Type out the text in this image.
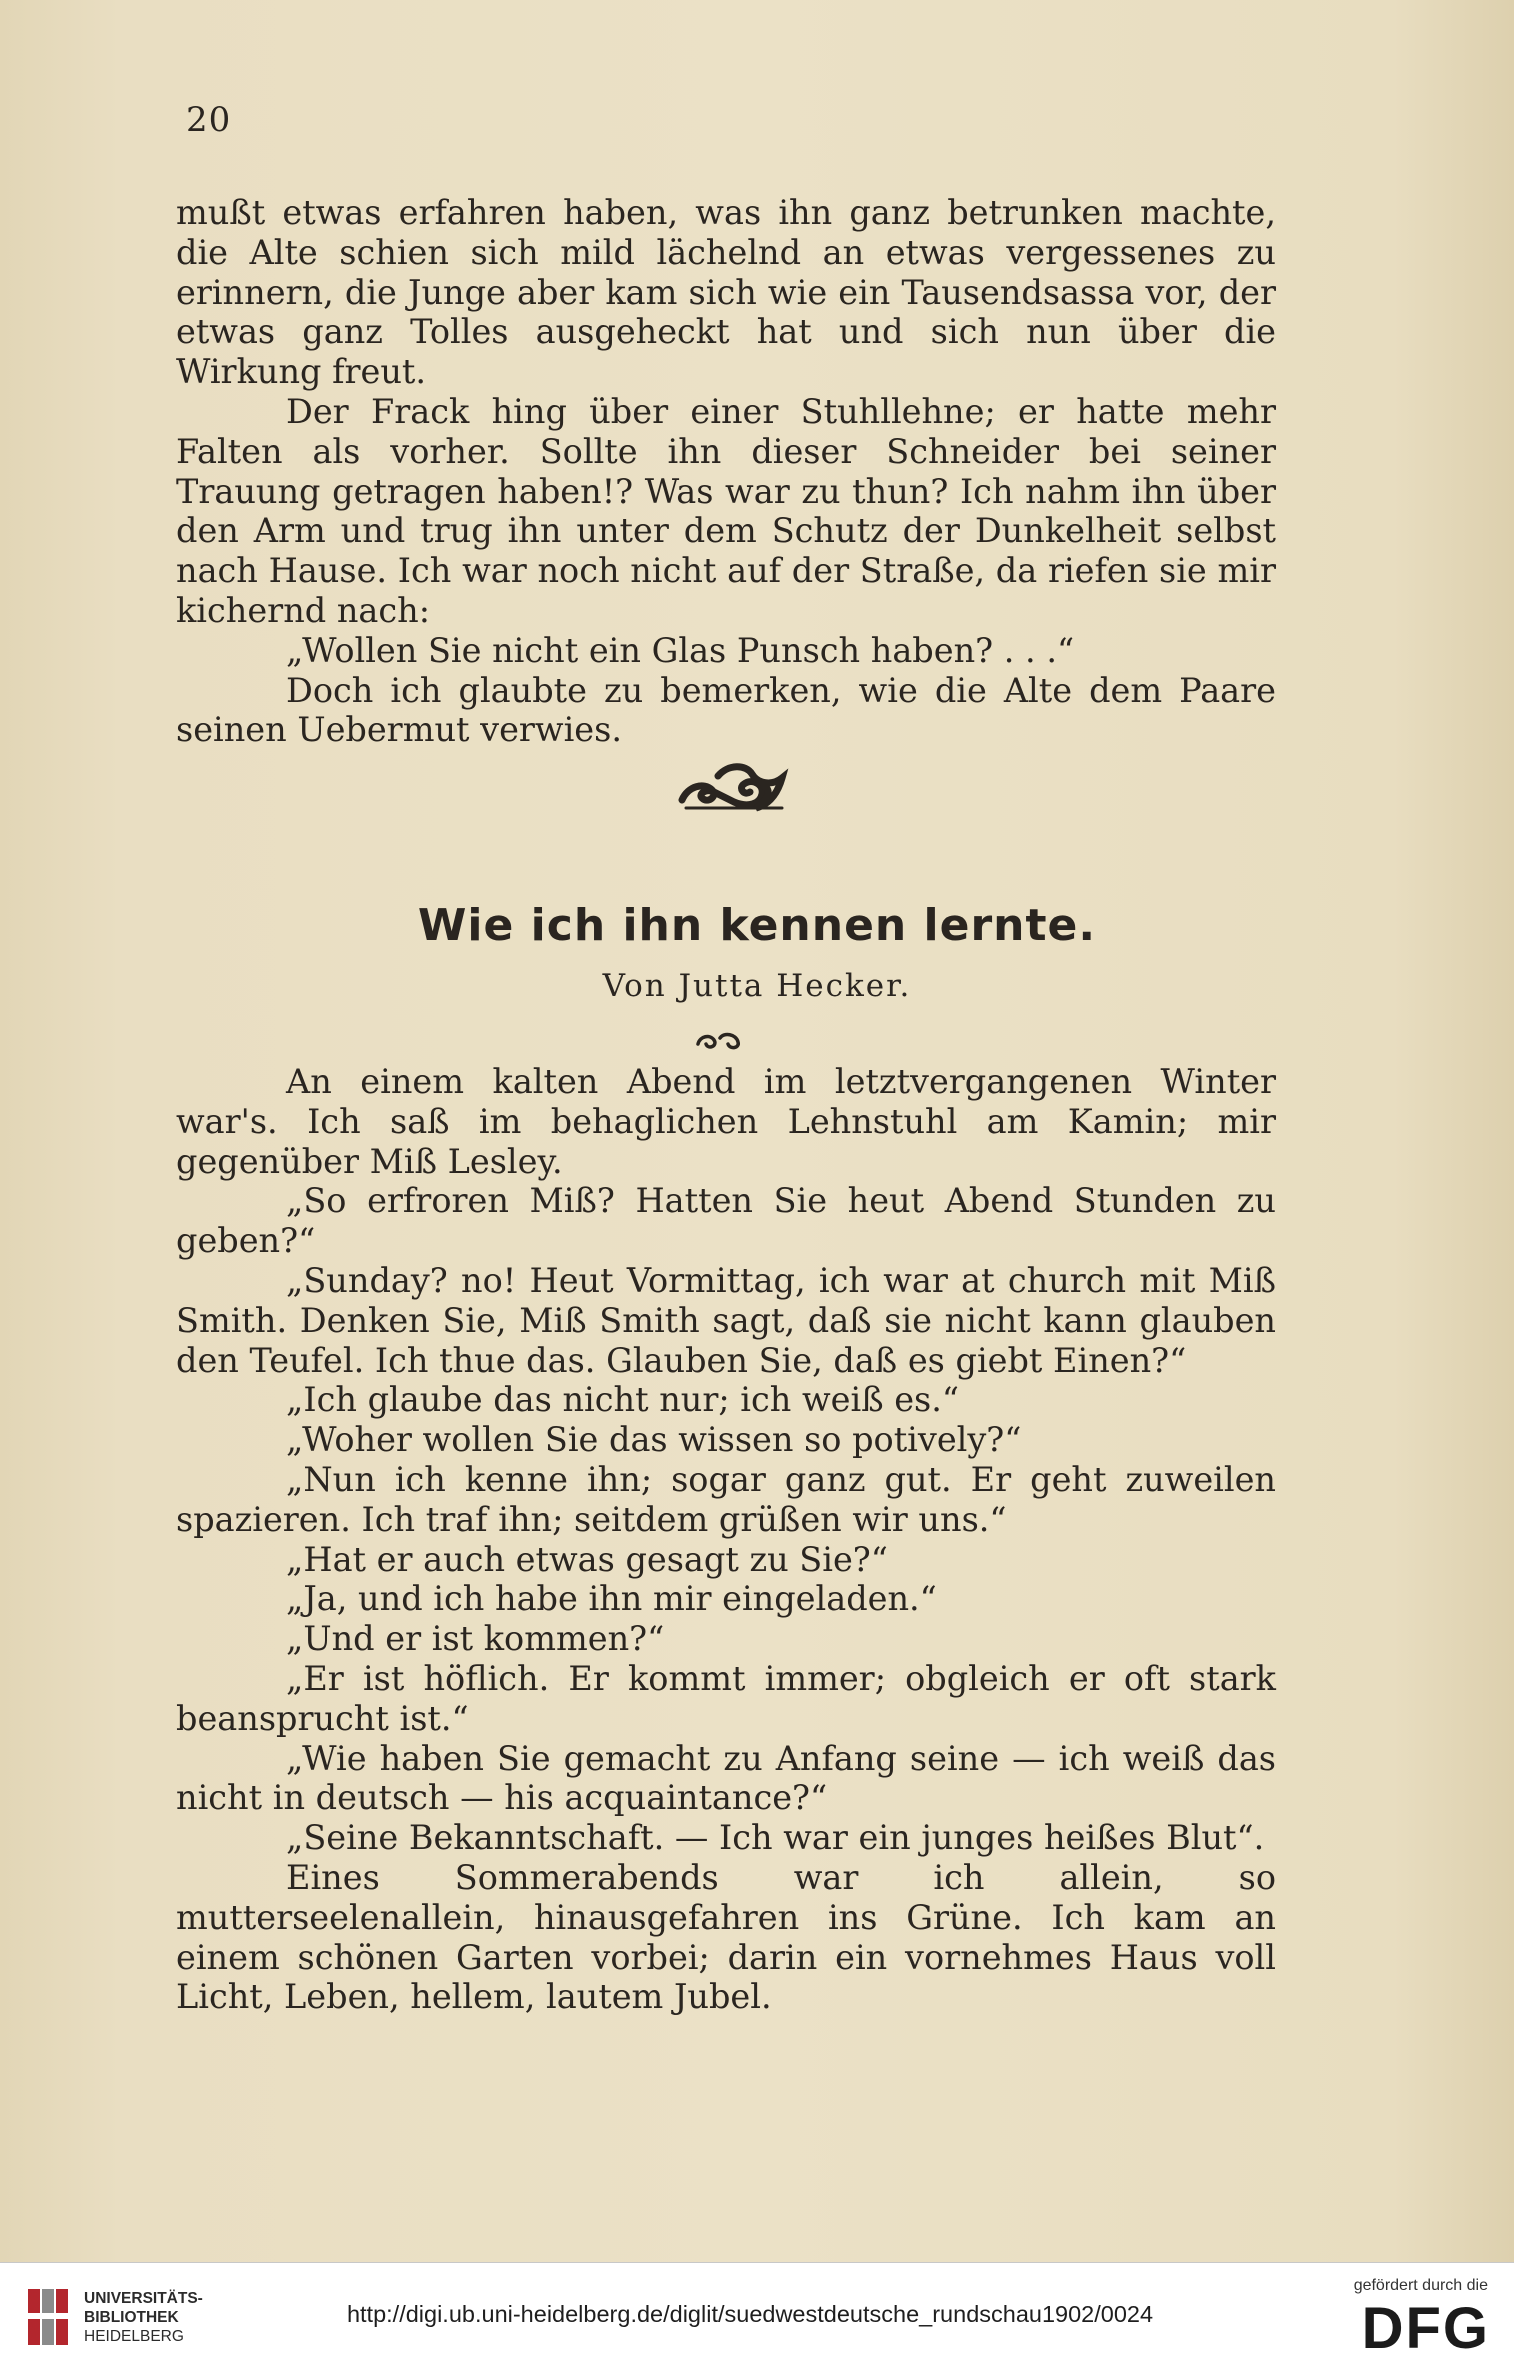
20

mußt etwas erfahren haben, was ihn ganz betrunken machte, die Alte schien sich mild lächelnd an etwas vergessenes zu erinnern, die Junge aber kam sich wie ein Tausendsassa vor, der etwas ganz Tolles ausgeheckt hat und sich nun über die Wirkung freut.

Der Frack hing über einer Stuhllehne; er hatte mehr Falten als vorher. Sollte ihn dieser Schneider bei seiner Trauung getragen haben!? Was war zu thun? Ich nahm ihn über den Arm und trug ihn unter dem Schutz der Dunkelheit selbst nach Hause. Ich war noch nicht auf der Straße, da riefen sie mir kichernd nach:

„Wollen Sie nicht ein Glas Punsch haben? . . .“

Doch ich glaubte zu bemerken, wie die Alte dem Paare seinen Uebermut verwies.

Wie ich ihn kennen lernte.
Von Jutta Hecker.

An einem kalten Abend im letztvergangenen Winter war's. Ich saß im behaglichen Lehnstuhl am Kamin; mir gegenüber Miß Lesley.

„So erfroren Miß? Hatten Sie heut Abend Stunden zu geben?“

„Sunday? no! Heut Vormittag, ich war at church mit Miß Smith. Denken Sie, Miß Smith sagt, daß sie nicht kann glauben den Teufel. Ich thue das. Glauben Sie, daß es giebt Einen?“

„Ich glaube das nicht nur; ich weiß es.“

„Woher wollen Sie das wissen so potively?“

„Nun ich kenne ihn; sogar ganz gut. Er geht zuweilen spazieren. Ich traf ihn; seitdem grüßen wir uns.“

„Hat er auch etwas gesagt zu Sie?“

„Ja, und ich habe ihn mir eingeladen.“

„Und er ist kommen?“

„Er ist höflich. Er kommt immer; obgleich er oft stark beansprucht ist.“

„Wie haben Sie gemacht zu Anfang seine — ich weiß das nicht in deutsch — his acquaintance?“

„Seine Bekanntschaft. — Ich war ein junges heißes Blut“.

Eines Sommerabends war ich allein, so mutterseelenallein, hinausgefahren ins Grüne. Ich kam an einem schönen Garten vorbei; darin ein vornehmes Haus voll Licht, Leben, hellem, lautem Jubel.

UNIVERSITÄTS-
BIBLIOTHEK
HEIDELBERG
http://digi.ub.uni-heidelberg.de/diglit/suedwestdeutsche_rundschau1902/0024
gefördert durch die
DFG
